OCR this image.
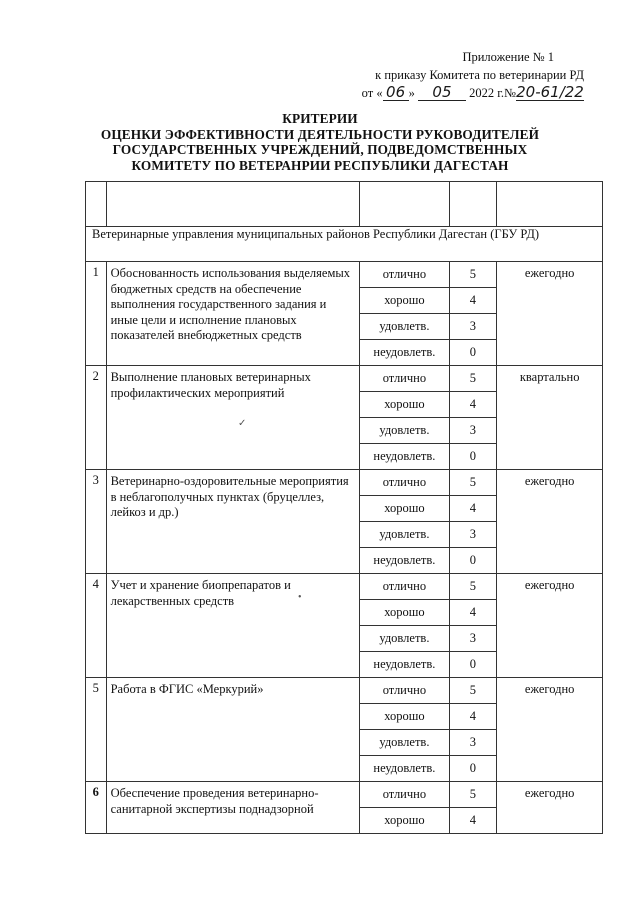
Приложение № 1
к приказу Комитета по ветеринарии РД
от « 06 » 05 2022 г.№20-61/22
КРИТЕРИИ
ОЦЕНКИ ЭФФЕКТИВНОСТИ ДЕЯТЕЛЬНОСТИ РУКОВОДИТЕЛЕЙ
ГОСУДАРСТВЕННЫХ УЧРЕЖДЕНИЙ, ПОДВЕДОМСТВЕННЫХ
КОМИТЕТУ ПО ВЕТЕРАНРИИ РЕСПУБЛИКИ ДАГЕСТАН

Ветеринарные управления муниципальных районов Республики Дагестан (ГБУ РД)				
1	Обоснованность использования выделяемых бюджетных средств на обеспечение выполнения государственного задания и иные цели и исполнение плановых показателей внебюджетных средств	отлично	5	ежегодно
		хорошо	4	
		удовлетв.	3	
		неудовлетв.	0	
2	Выполнение плановых ветеринарных профилактических мероприятий	отлично	5	квартально
		хорошо	4	
		удовлетв.	3	
		неудовлетв.	0	
3	Ветеринарно-оздоровительные мероприятия в неблагополучных пунктах (бруцеллез, лейкоз и др.)	отлично	5	ежегодно
		хорошо	4	
		удовлетв.	3	
		неудовлетв.	0	
4	Учет и хранение биопрепаратов и лекарственных средств	отлично	5	ежегодно
		хорошо	4	
		удовлетв.	3	
		неудовлетв.	0	
5	Работа в ФГИС «Меркурий»	отлично	5	ежегодно
		хорошо	4	
		удовлетв.	3	
		неудовлетв.	0	
6	Обеспечение проведения ветеринарно-санитарной экспертизы поднадзорной	отлично	5	ежегодно
		хорошо	4	
✓
•
